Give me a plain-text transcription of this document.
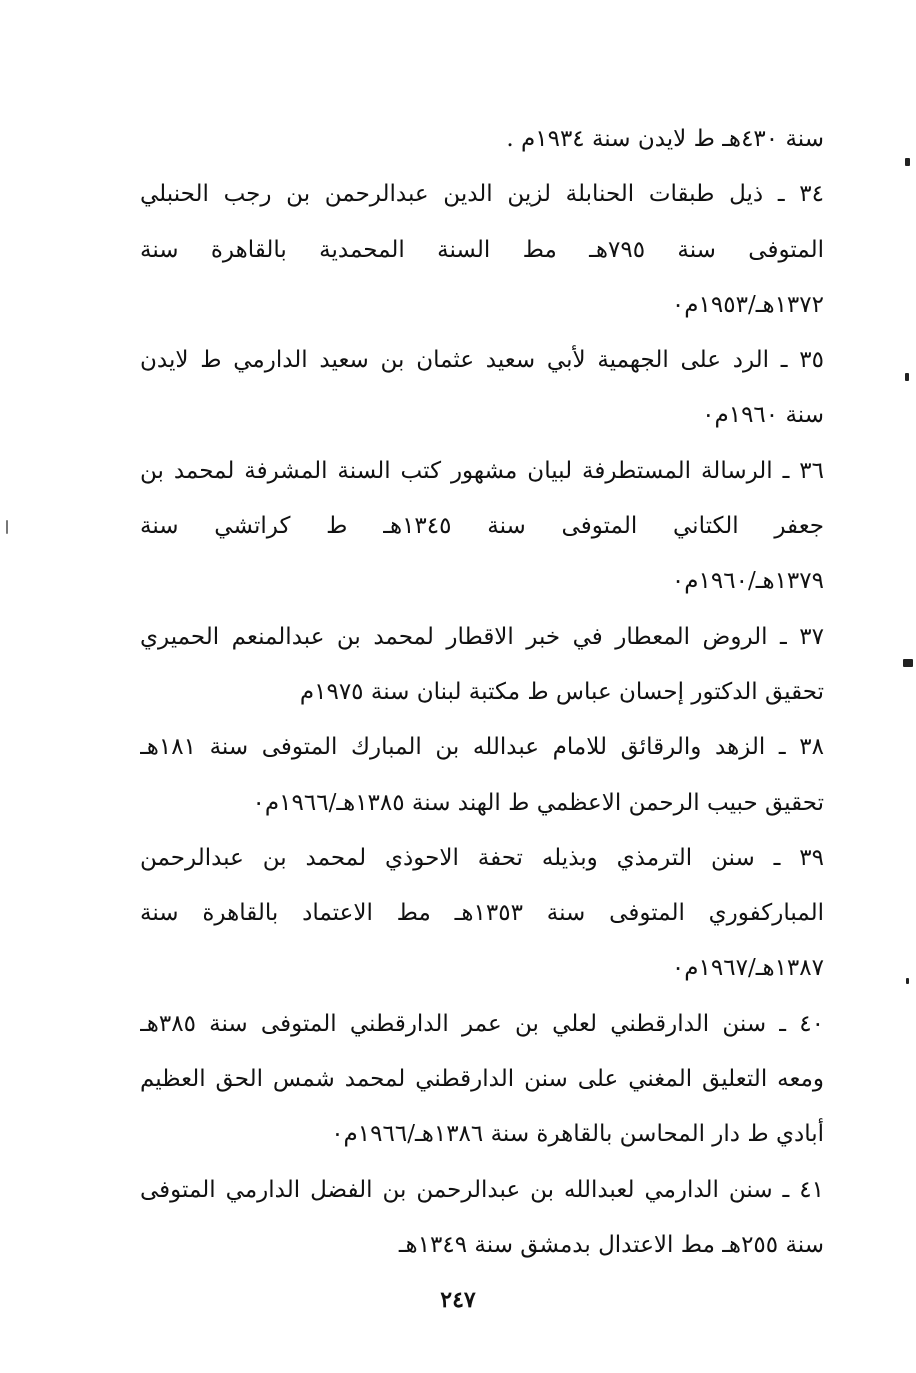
سنة ٤٣٠هـ ط لايدن سنة ١٩٣٤م .
٣٤ ـ ذيل طبقات الحنابلة لزين الدين عبدالرحمن بن رجب الحنبلي
المتوفى سنة ٧٩٥هـ مط السنة المحمدية بالقاهرة سنة
١٣٧٢هـ/١٩٥٣م٠
٣٥ ـ الرد على الجهمية لأبي سعيد عثمان بن سعيد الدارمي ط لايدن
سنة ١٩٦٠م٠
٣٦ ـ الرسالة المستطرفة لبيان مشهور كتب السنة المشرفة لمحمد بن
جعفر الكتاني المتوفى سنة ١٣٤٥هـ ط كراتشي سنة
١٣٧٩هـ/١٩٦٠م٠
٣٧ ـ الروض المعطار في خبر الاقطار لمحمد بن عبدالمنعم الحميري
تحقيق الدكتور إحسان عباس ط مكتبة لبنان سنة ١٩٧٥م
٣٨ ـ الزهد والرقائق للامام عبدالله بن المبارك المتوفى سنة ١٨١هـ
تحقيق حبيب الرحمن الاعظمي ط الهند سنة ١٣٨٥هـ/١٩٦٦م٠
٣٩ ـ سنن الترمذي وبذيله تحفة الاحوذي لمحمد بن عبدالرحمن
المباركفوري المتوفى سنة ١٣٥٣هـ مط الاعتماد بالقاهرة سنة
١٣٨٧هـ/١٩٦٧م٠
٤٠ ـ سنن الدارقطني لعلي بن عمر الدارقطني المتوفى سنة ٣٨٥هـ
ومعه التعليق المغني على سنن الدارقطني لمحمد شمس الحق العظيم
أبادي ط دار المحاسن بالقاهرة سنة ١٣٨٦هـ/١٩٦٦م٠
٤١ ـ سنن الدارمي لعبدالله بن عبدالرحمن بن الفضل الدارمي المتوفى
سنة ٢٥٥هـ مط الاعتدال بدمشق سنة ١٣٤٩هـ
٢٤٧
